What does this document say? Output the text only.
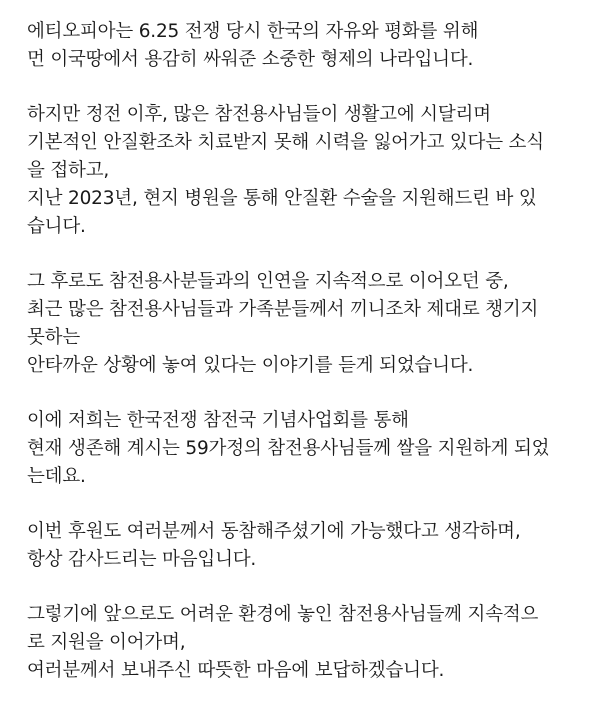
에티오피아는 6.25 전쟁 당시 한국의 자유와 평화를 위해
먼 이국땅에서 용감히 싸워준 소중한 형제의 나라입니다.
하지만 정전 이후, 많은 참전용사님들이 생활고에 시달리며
기본적인 안질환조차 치료받지 못해 시력을 잃어가고 있다는 소식
을 접하고,
지난 2023년, 현지 병원을 통해 안질환 수술을 지원해드린 바 있
습니다.
그 후로도 참전용사분들과의 인연을 지속적으로 이어오던 중,
최근 많은 참전용사님들과 가족분들께서 끼니조차 제대로 챙기지
못하는
안타까운 상황에 놓여 있다는 이야기를 듣게 되었습니다.
이에 저희는 한국전쟁 참전국 기념사업회를 통해
현재 생존해 계시는 59가정의 참전용사님들께 쌀을 지원하게 되었
는데요.
이번 후원도 여러분께서 동참해주셨기에 가능했다고 생각하며,
항상 감사드리는 마음입니다.
그렇기에 앞으로도 어려운 환경에 놓인 참전용사님들께 지속적으
로 지원을 이어가며,
여러분께서 보내주신 따뜻한 마음에 보답하겠습니다.
